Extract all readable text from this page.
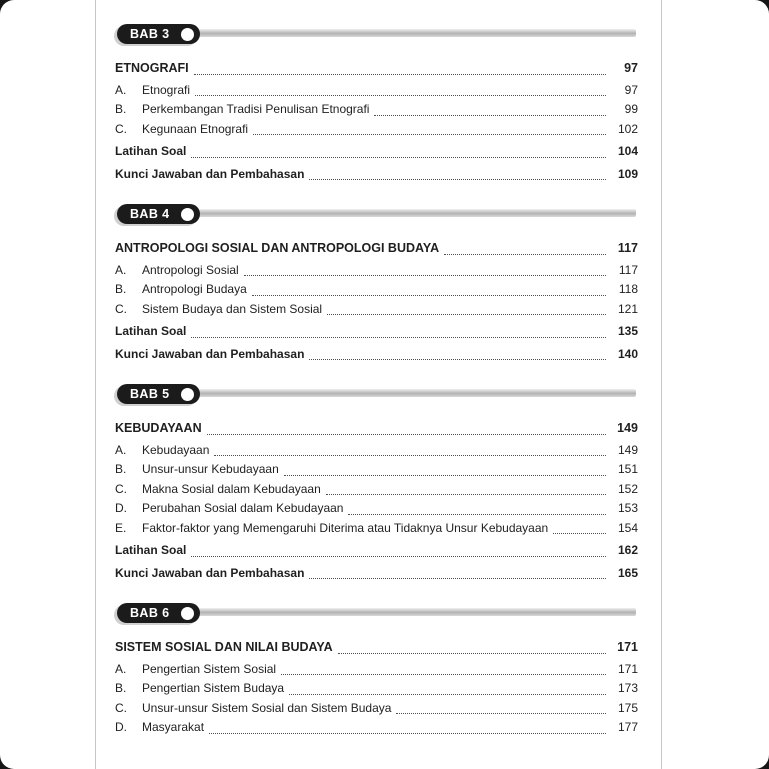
BAB 3
ETNOGRAFI	97
A.	Etnografi	97
B.	Perkembangan Tradisi Penulisan Etnografi	99
C.	Kegunaan Etnografi	102
Latihan Soal	104
Kunci Jawaban dan Pembahasan	109
BAB 4
ANTROPOLOGI SOSIAL DAN ANTROPOLOGI BUDAYA	117
A.	Antropologi Sosial	117
B.	Antropologi Budaya	118
C.	Sistem Budaya dan Sistem Sosial	121
Latihan Soal	135
Kunci Jawaban dan Pembahasan	140
BAB 5
KEBUDAYAAN	149
A.	Kebudayaan	149
B.	Unsur-unsur Kebudayaan	151
C.	Makna Sosial dalam Kebudayaan	152
D.	Perubahan Sosial dalam Kebudayaan	153
E.	Faktor-faktor yang Memengaruhi Diterima atau Tidaknya Unsur Kebudayaan	154
Latihan Soal	162
Kunci Jawaban dan Pembahasan	165
BAB 6
SISTEM SOSIAL DAN NILAI BUDAYA	171
A.	Pengertian Sistem Sosial	171
B.	Pengertian Sistem Budaya	173
C.	Unsur-unsur Sistem Sosial dan Sistem Budaya	175
D.	Masyarakat	177
